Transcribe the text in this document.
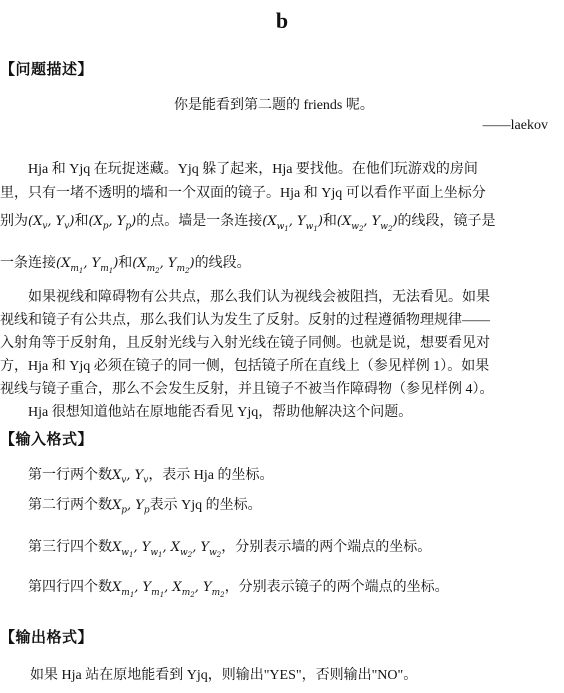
b
【问题描述】
你是能看到第二题的 friends 呢。
——laekov
Hja 和 Yjq 在玩捉迷藏。Yjq 躲了起来，Hja 要找他。在他们玩游戏的房间
里，只有一堵不透明的墙和一个双面的镜子。Hja 和 Yjq 可以看作平面上坐标分
别为($X_v$, $Y_v$)和($X_p$, $Y_p$)的点。墙是一条连接($X_{w_1}$, $Y_{w_1}$)和($X_{w_2}$, $Y_{w_2}$)的线段，镜子是
一条连接($X_{m_1}$, $Y_{m_1}$)和($X_{m_2}$, $Y_{m_2}$)的线段。
如果视线和障碍物有公共点，那么我们认为视线会被阻挡，无法看见。如果
视线和镜子有公共点，那么我们认为发生了反射。反射的过程遵循物理规律——
入射角等于反射角，且反射光线与入射光线在镜子同侧。也就是说，想要看见对
方，Hja 和 Yjq 必须在镜子的同一侧，包括镜子所在直线上（参见样例 1）。如果
视线与镜子重合，那么不会发生反射，并且镜子不被当作障碍物（参见样例 4）。
Hja 很想知道他站在原地能否看见 Yjq，帮助他解决这个问题。
【输入格式】
第一行两个数$X_v$, $Y_v$，表示 Hja 的坐标。
第二行两个数$X_p$, $Y_p$表示 Yjq 的坐标。
第三行四个数$X_{w_1}$, $Y_{w_1}$, $X_{w_2}$, $Y_{w_2}$，分别表示墙的两个端点的坐标。
第四行四个数$X_{m_1}$, $Y_{m_1}$, $X_{m_2}$, $Y_{m_2}$，分别表示镜子的两个端点的坐标。
【输出格式】
如果 Hja 站在原地能看到 Yjq，则输出"YES"，否则输出"NO"。
